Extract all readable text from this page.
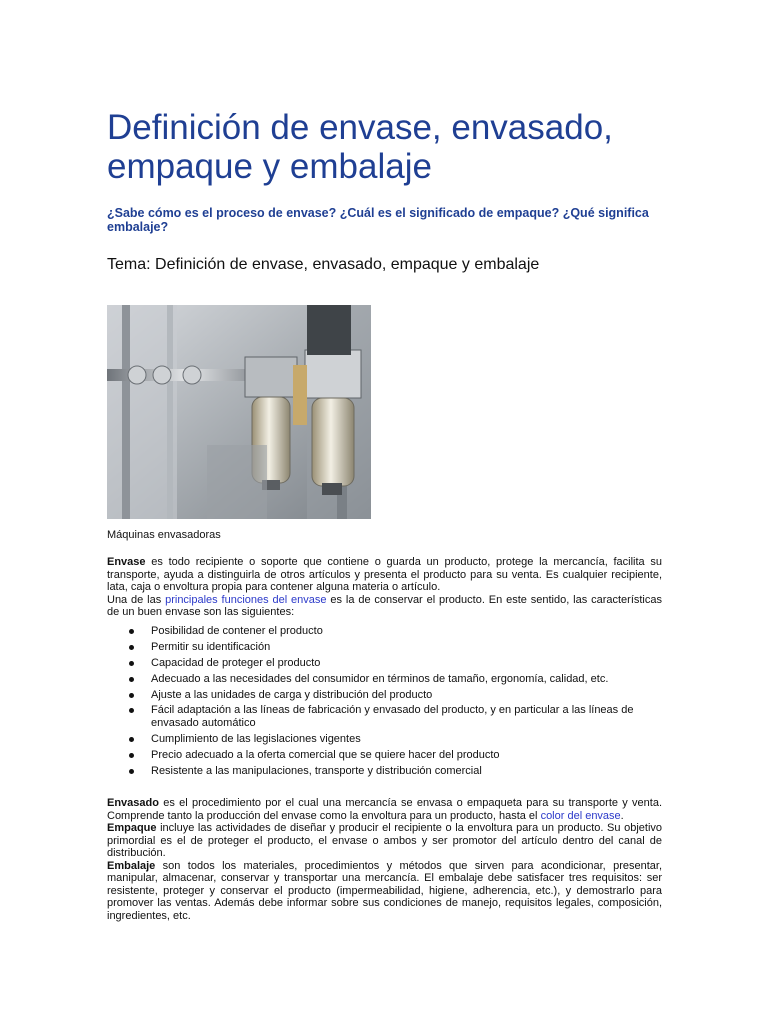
Definición de envase, envasado, empaque y embalaje

¿Sabe cómo es el proceso de envase? ¿Cuál es el significado de empaque? ¿Qué significa embalaje?

Tema: Definición de envase, envasado, empaque y embalaje

Máquinas envasadoras
Envase es todo recipiente o soporte que contiene o guarda un producto, protege la mercancía, facilita su transporte, ayuda a distinguirla de otros artículos y presenta el producto para su venta. Es cualquier recipiente, lata, caja o envoltura propia para contener alguna materia o artículo.
Una de las principales funciones del envase es la de conservar el producto. En este sentido, las características de un buen envase son las siguientes:
Posibilidad de contener el producto
Permitir su identificación
Capacidad de proteger el producto
Adecuado a las necesidades del consumidor en términos de tamaño, ergonomía, calidad, etc.
Ajuste a las unidades de carga y distribución del producto
Fácil adaptación a las líneas de fabricación y envasado del producto, y en particular a las líneas de envasado automático
Cumplimiento de las legislaciones vigentes
Precio adecuado a la oferta comercial que se quiere hacer del producto
Resistente a las manipulaciones, transporte y distribución comercial
Envasado es el procedimiento por el cual una mercancía se envasa o empaqueta para su transporte y venta. Comprende tanto la producción del envase como la envoltura para un producto, hasta el color del envase.
Empaque incluye las actividades de diseñar y producir el recipiente o la envoltura para un producto. Su objetivo primordial es el de proteger el producto, el envase o ambos y ser promotor del artículo dentro del canal de distribución.
Embalaje son todos los materiales, procedimientos y métodos que sirven para acondicionar, presentar, manipular, almacenar, conservar y transportar una mercancía. El embalaje debe satisfacer tres requisitos: ser resistente, proteger y conservar el producto (impermeabilidad, higiene, adherencia, etc.), y demostrarlo para promover las ventas. Además debe informar sobre sus condiciones de manejo, requisitos legales, composición, ingredientes, etc.
